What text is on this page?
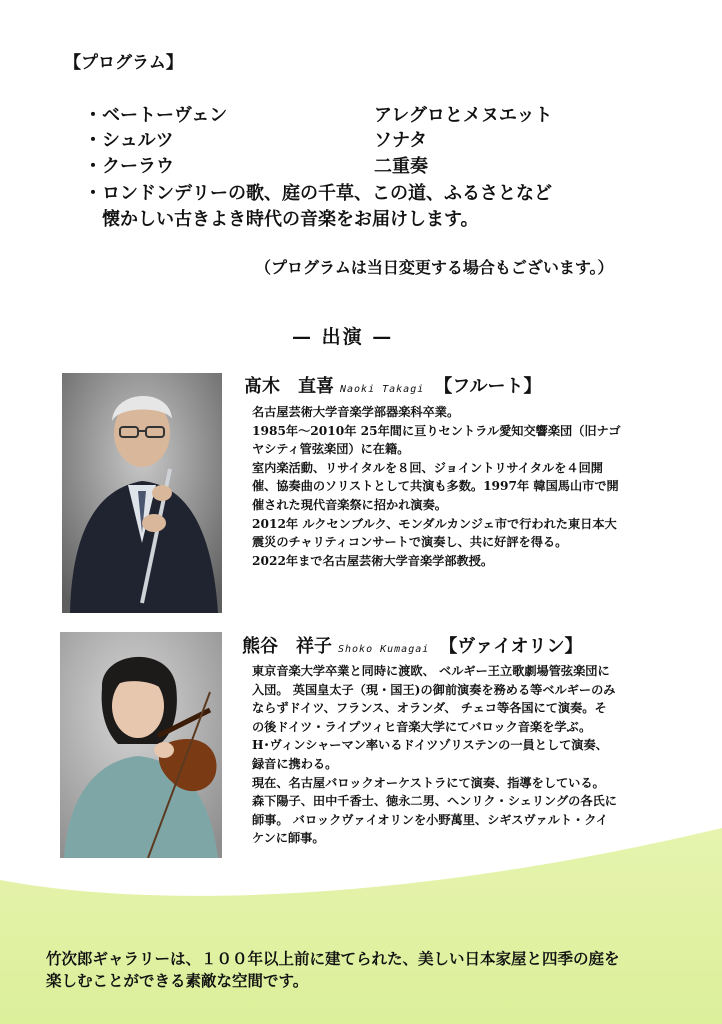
【プログラム】
・ベートーヴェン	アレグロとメヌエット
・シュルツ	ソナタ
・クーラウ	二重奏
・ロンドンデリーの歌、庭の千草、この道、ふるさとなど
　懐かしい古きよき時代の音楽をお届けします。
（プログラムは当日変更する場合もございます。）
— 出演 —
髙木　直喜 Naoki Takagi 【フルート】
名古屋芸術大学音楽学部器楽科卒業。
1985年～2010年 25年間に亘りセントラル愛知交響楽団（旧ナゴ
ヤシティ管弦楽団）に在籍。
室内楽活動、リサイタルを８回、ジョイントリサイタルを４回開
催、協奏曲のソリストとして共演も多数。1997年 韓国馬山市で開
催された現代音楽祭に招かれ演奏。
2012年 ルクセンブルク、モンダルカンジェ市で行われた東日本大
震災のチャリティコンサートで演奏し、共に好評を得る。
2022年まで名古屋芸術大学音楽学部教授。
熊谷　祥子 Shoko Kumagai 【ヴァイオリン】
東京音楽大学卒業と同時に渡欧、 ベルギー王立歌劇場管弦楽団に
入団。 英国皇太子（現・国王)の御前演奏を務める等ベルギーのみ
ならずドイツ、フランス、オランダ、 チェコ等各国にて演奏。そ
の後ドイツ・ライプツィヒ音楽大学にてバロック音楽を学ぶ。
H･ヴィンシャーマン率いるドイツゾリステンの一員として演奏、
録音に携わる。
現在、名古屋バロックオーケストラにて演奏、指導をしている。
森下陽子、田中千香士、徳永二男、ヘンリク・シェリングの各氏に
師事。 バロックヴァイオリンを小野萬里、シギスヴァルト・クイ
ケンに師事。
竹次郎ギャラリーは、１００年以上前に建てられた、美しい日本家屋と四季の庭を
楽しむことができる素敵な空間です。
